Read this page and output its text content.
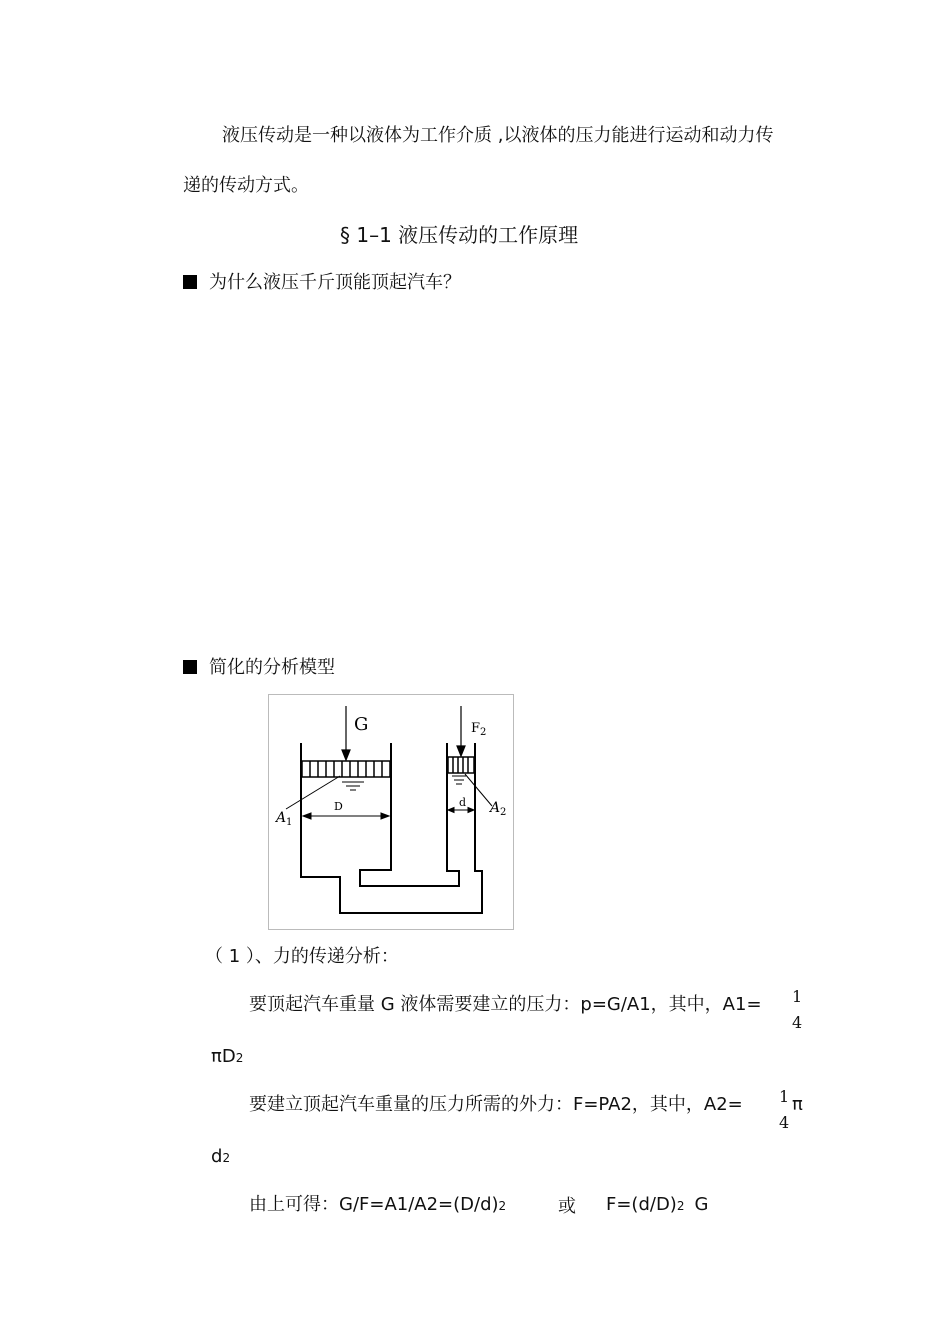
液压传动是一种以液体为工作介质 ,以液体的压力能进行运动和动力传
递的传动方式。
§ 1–1 液压传动的工作原理
为什么液压千斤顶能顶起汽车？
简化的分析模型
G	F 2
D	d
A 1
A 2
（ 1 ）、力的传递分析：
要顶起汽车重量 G 液体需要建立的压力：p=G/A1，其中，A1= 1
4
πD2
要建立顶起汽车重量的压力所需的外力：F=PA2，其中，A2= 1
4
π
d2
由上可得：G/F=A1/A2=(D/d)2	或 F=(d/D)2 G
